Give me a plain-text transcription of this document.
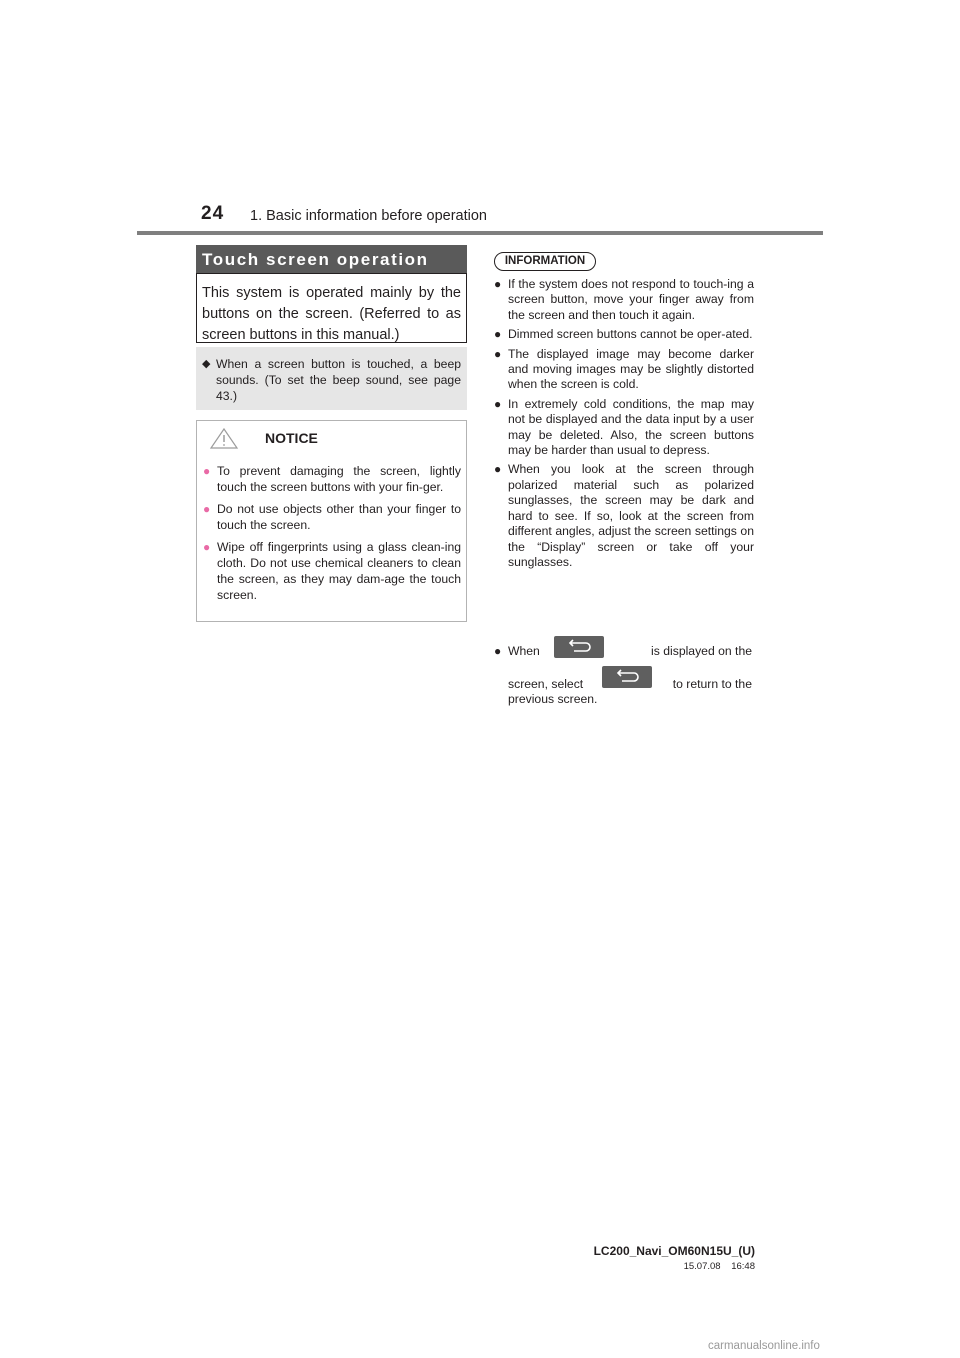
24 1. Basic information before operation
Touch screen operation
This system is operated mainly by the buttons on the screen. (Referred to as screen buttons in this manual.)
◆ When a screen button is touched, a beep sounds. (To set the beep sound, see page 43.)
NOTICE
● To prevent damaging the screen, lightly touch the screen buttons with your fin-ger.
● Do not use objects other than your finger to touch the screen.
● Wipe off fingerprints using a glass clean-ing cloth. Do not use chemical cleaners to clean the screen, as they may dam-age the touch screen.
INFORMATION
● If the system does not respond to touch-ing a screen button, move your finger away from the screen and then touch it again.
● Dimmed screen buttons cannot be oper-ated.
● The displayed image may become darker and moving images may be slightly distorted when the screen is cold.
● In extremely cold conditions, the map may not be displayed and the data input by a user may be deleted. Also, the screen buttons may be harder than usual to depress.
● When you look at the screen through polarized material such as polarized sunglasses, the screen may be dark and hard to see. If so, look at the screen from different angles, adjust the screen settings on the “Display” screen or take off your sunglasses.
● When	is displayed on the
screen, select	to return to the
previous screen.
LC200_Navi_OM60N15U_(U)
15.07.08 16:48
carmanualsonline.info
